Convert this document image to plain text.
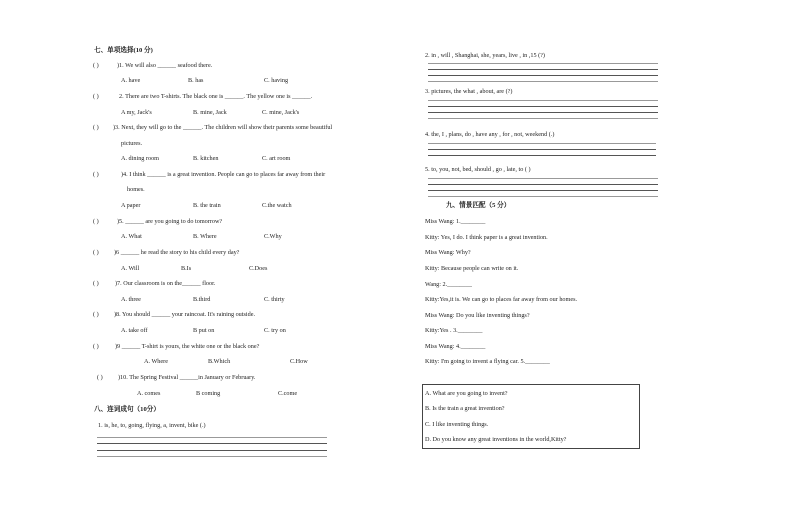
七、单项选择(10 分)
( )	)1. We will also ______ seafood there.
A. have	B. has	C. having
( )	2. There are two T-shirts. The black one is ______. The yellow one is ______.
A my, Jack's	B. mine, Jack	C. mine, Jack's
( ) )3. Next, they will go to the ______. The children will show their parents some beautiful
pictures.
A. dining room	B. kitchen	C. art room
( )	)4. I think ______ is a great invention. People can go to places far away from their
homes.
A paper	B. the train	C.the watch
( )	)5. ______ are you going to do tomorrow?
A. What	B. Where	C.Why
( ) )6 ______ he read the story to his child every day?
A. Will	B.Is	C.Does
( )	)7. Our classroom is on the______ floor.
A. three	B.third	C. thirty
( ) )8. You should ______ your raincoat. It's raining outside.
A. take off	B put on	C. try on
( )	)9 ______ T-shirt is yours, the white one or the black one?
A. Where	B.Which	C.How
( ) )10. The Spring Festival ______in January or February.
A. comes	B coming	C.come
八、连词成句（10分）
1. is, he, to, going, flying, a, invent, bike (.)
2. in , will , Shanghai, she, years, live , in ,15 (?)
3. pictures, the what , about, are (?)
4. the, I , plans, do , have any , for , not, weekend (.)
5. to, you, not, bed, should , go , late, to ( )
九、情景匹配（5 分）
Miss Wang: 1.________
Kitty: Yes, I do. I think paper is a great invention.
Miss Wang: Why?
Kitty: Because people can write on it.
Wang: 2.________
Kitty:Yes,it is. We can go to places far away from our homes.
Miss Wang: Do you like inventing things?
Kitty:Yes . 3.________
Miss Wang: 4.________
Kitty: I'm going to invent a flying car. 5.________
A. What are you going to invent?
B. Is the train a great invention?
C. I like inventing things.
D. Do you know any great inventions in the world,Kitty?
